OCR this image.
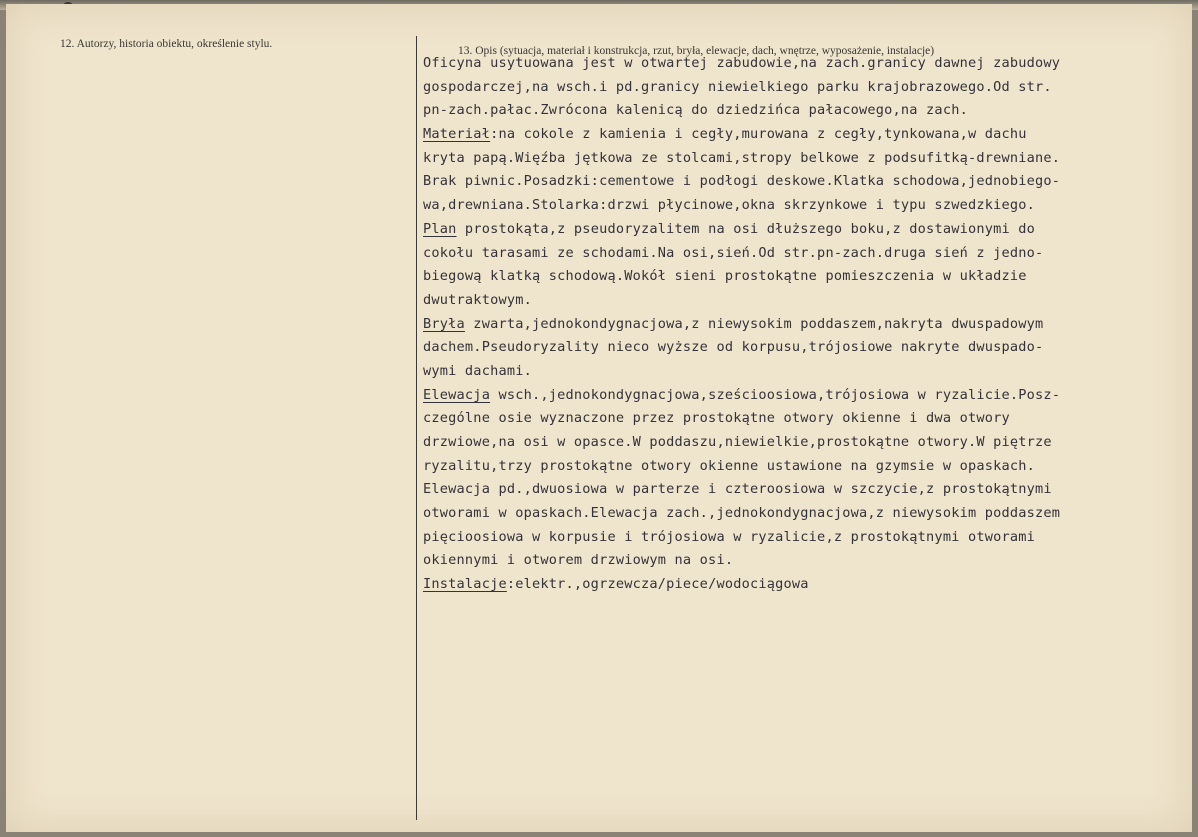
12. Autorzy, historia obiektu, określenie stylu.
13. Opis (sytuacja, materiał i konstrukcja, rzut, bryła, elewacje, dach, wnętrze, wyposażenie, instalacje)
Oficyna usytuowana jest w otwartej zabudowie,na zach.granicy dawnej zabudowy
gospodarczej,na wsch.i pd.granicy niewielkiego parku krajobrazowego.Od str.
pn-zach.pałac.Zwrócona kalenicą do dziedzińca pałacowego,na zach.
Materiał:na cokole z kamienia i cegły,murowana z cegły,tynkowana,w dachu
kryta papą.Więźba jętkowa ze stolcami,stropy belkowe z podsufitką-drewniane.
Brak piwnic.Posadzki:cementowe i podłogi deskowe.Klatka schodowa,jednobiego-
wa,drewniana.Stolarka:drzwi płycinowe,okna skrzynkowe i typu szwedzkiego.
Plan prostokąta,z pseudoryzalitem na osi dłuższego boku,z dostawionymi do
cokołu tarasami ze schodami.Na osi,sień.Od str.pn-zach.druga sień z jedno-
biegową klatką schodową.Wokół sieni prostokątne pomieszczenia w układzie
dwutraktowym.
Bryła zwarta,jednokondygnacjowa,z niewysokim poddaszem,nakryta dwuspadowym
dachem.Pseudoryzality nieco wyższe od korpusu,trójosiowe nakryte dwuspado-
wymi dachami.
Elewacja wsch.,jednokondygnacjowa,sześcioosiowa,trójosiowa w ryzalicie.Posz-
czególne osie wyznaczone przez prostokątne otwory okienne i dwa otwory
drzwiowe,na osi w opasce.W poddaszu,niewielkie,prostokątne otwory.W piętrze
ryzalitu,trzy prostokątne otwory okienne ustawione na gzymsie w opaskach.
Elewacja pd.,dwuosiowa w parterze i czteroosiowa w szczycie,z prostokątnymi
otworami w opaskach.Elewacja zach.,jednokondygnacjowa,z niewysokim poddaszem
pięcioosiowa w korpusie i trójosiowa w ryzalicie,z prostokątnymi otworami
okiennymi i otworem drzwiowym na osi.
Instalacje:elektr.,ogrzewcza/piece/wodociągowa
